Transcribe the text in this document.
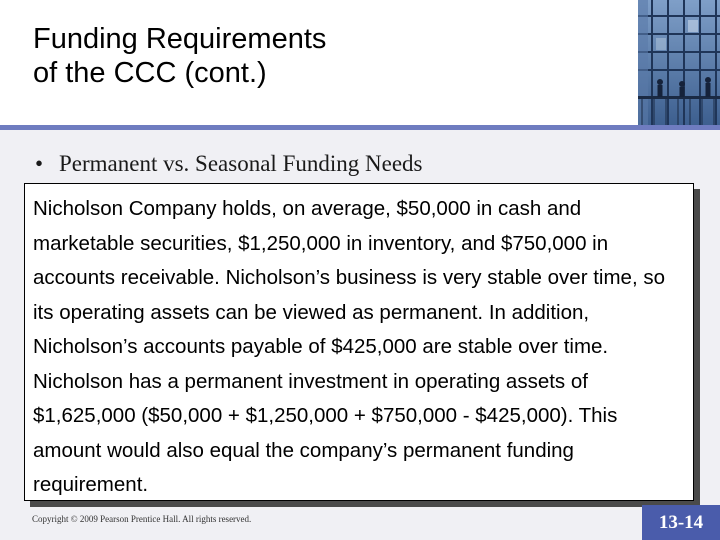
Funding Requirements
of the CCC (cont.)
• Permanent vs. Seasonal Funding Needs

Nicholson Company holds, on average, $50,000 in cash and marketable securities, $1,250,000 in inventory, and $750,000 in accounts receivable. Nicholson’s business is very stable over time, so its operating assets can be viewed as permanent. In addition, Nicholson’s accounts payable of $425,000 are stable over time. Nicholson has a permanent investment in operating assets of $1,625,000 ($50,000 + $1,250,000 + $750,000 - $425,000). This amount would also equal the company’s permanent funding requirement.

Copyright © 2009 Pearson Prentice Hall. All rights reserved.	13-14
